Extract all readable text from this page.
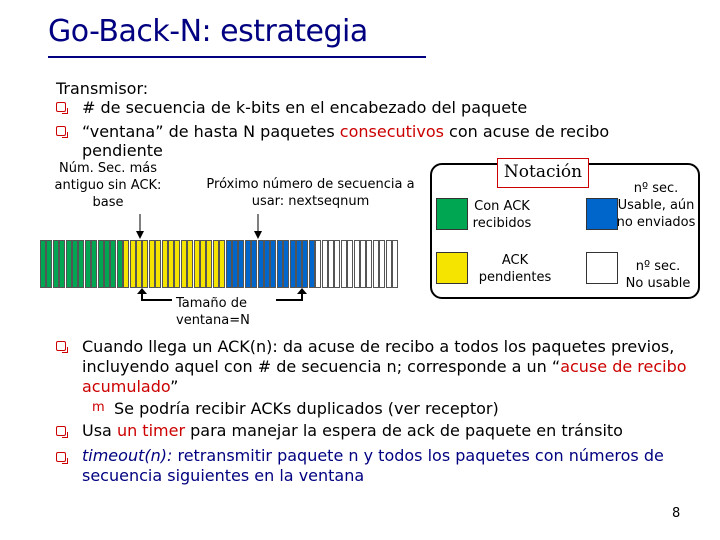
Go-Back-N: estrategia
Transmisor:
# de secuencia de k-bits en el encabezado del paquete
“ventana” de hasta N paquetes consecutivos con acuse de recibo
pendiente
Núm. Sec. más
antiguo sin ACK:
base
Próximo número de secuencia a
usar: nextseqnum
Tamaño de
ventana=N
Notación
Con ACK
recibidos
nº sec.
Usable, aún
no enviados
ACK
pendientes
nº sec.
No usable
Cuando llega un ACK(n): da acuse de recibo a todos los paquetes previos,
incluyendo aquel con # de secuencia n; corresponde a un “acuse de recibo
acumulado”
m Se podría recibir ACKs duplicados (ver receptor)
Usa un timer para manejar la espera de ack de paquete en tránsito
timeout(n): retransmitir paquete n y todos los paquetes con números de
secuencia siguientes en la ventana
8
